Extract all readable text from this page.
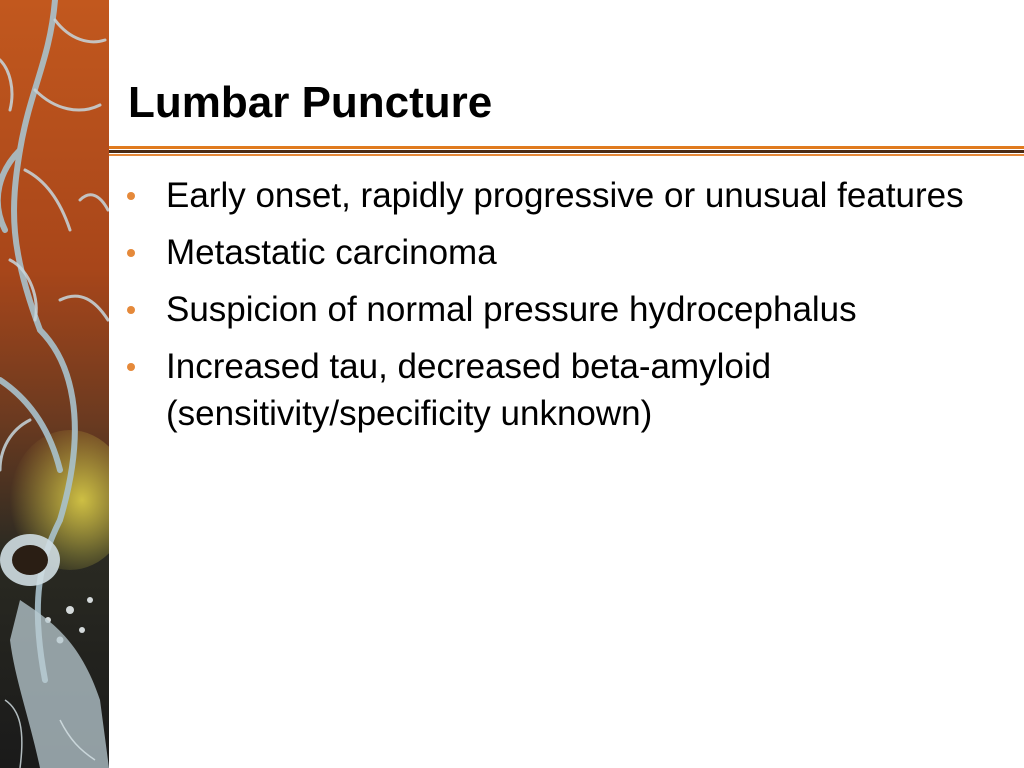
Lumbar Puncture
Early onset, rapidly progressive or unusual features
Metastatic carcinoma
Suspicion of normal pressure hydrocephalus
Increased tau, decreased beta-amyloid (sensitivity/specificity unknown)
